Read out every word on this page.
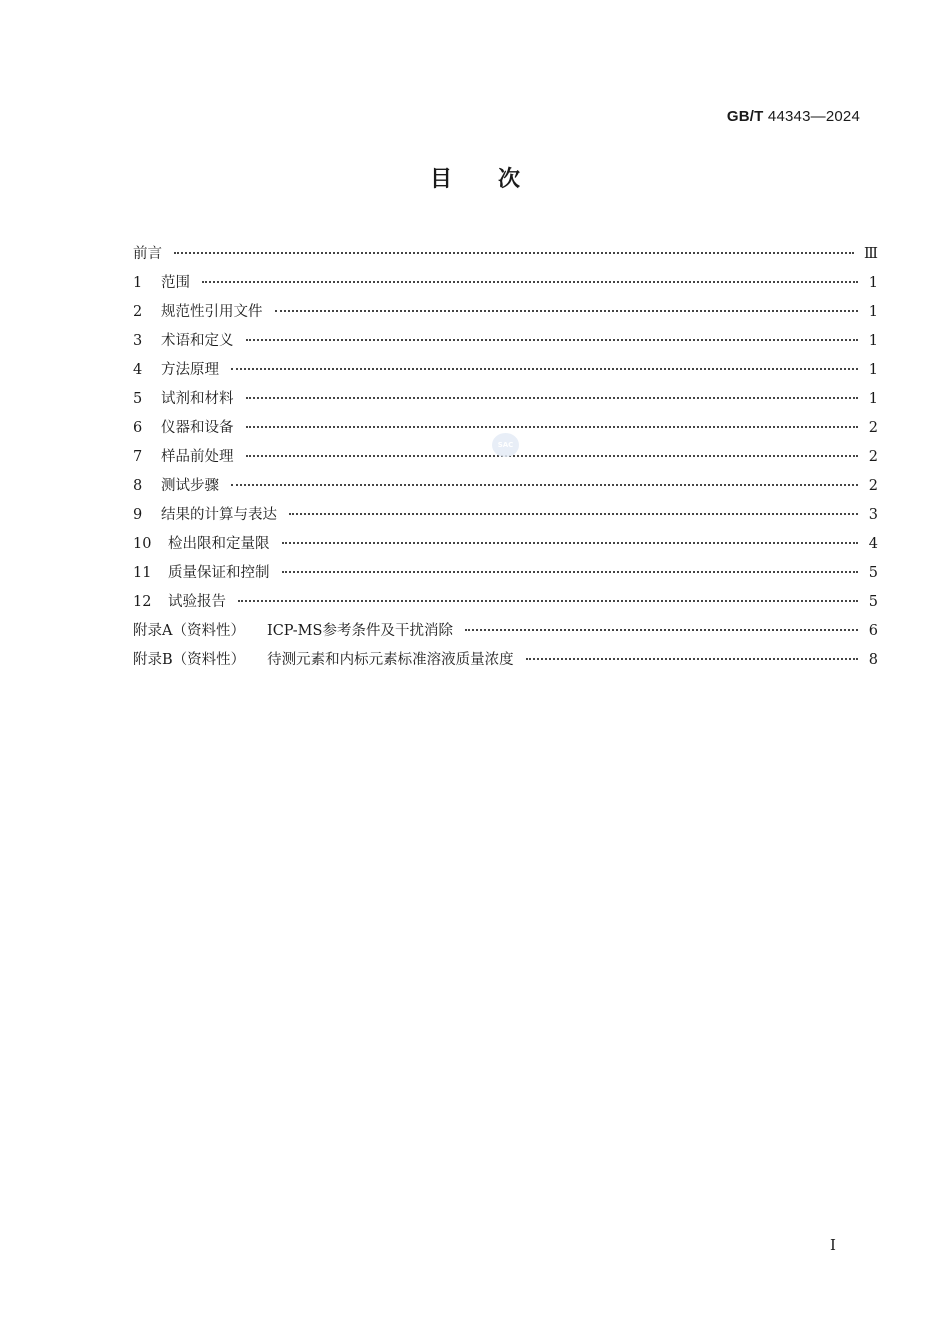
GB/T 44343—2024
目次
前言	Ⅲ
1 范围	1
2 规范性引用文件	1
3 术语和定义	1
4 方法原理	1
5 试剂和材料	1
6 仪器和设备	2
7 样品前处理	2
8 测试步骤	2
9 结果的计算与表达	3
10 检出限和定量限	4
11 质量保证和控制	5
12 试验报告	5
附录A（资料性） ICP-MS参考条件及干扰消除	6
附录B（资料性） 待测元素和内标元素标准溶液质量浓度	8
SAC
Ⅰ
